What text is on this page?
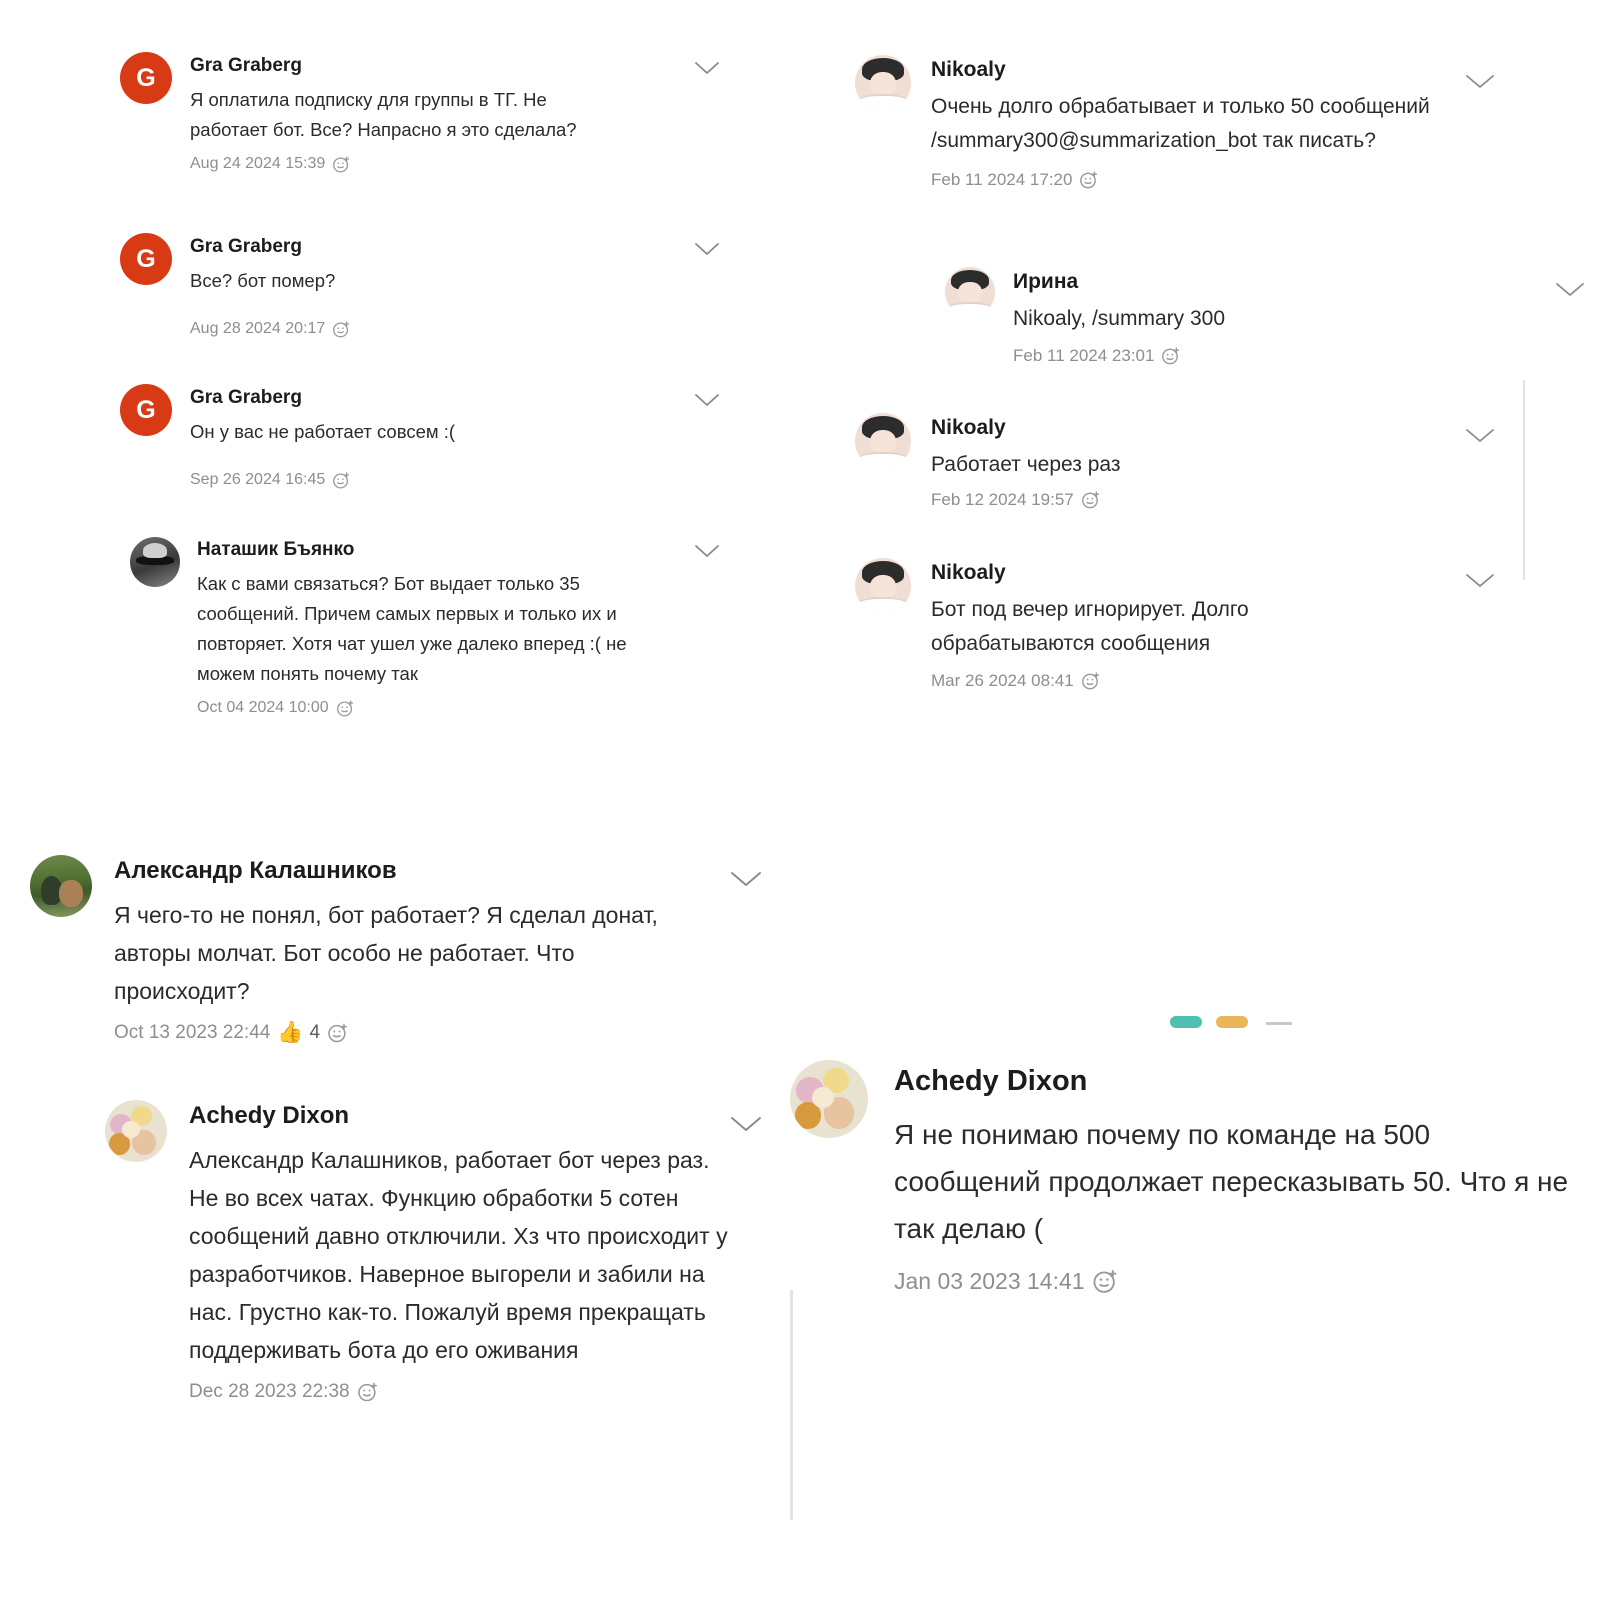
G	Gra Graberg
Я оплатила подписку для группы в ТГ. Не работает бот. Все? Напрасно я это сделала?
Aug 24 2024 15:39
G	Gra Graberg
Все? бот помер?
Aug 28 2024 20:17
G	Gra Graberg
Он у вас не работает совсем :(
Sep 26 2024 16:45
Наташик Бъянко
Как с вами связаться? Бот выдает только 35 сообщений. Причем самых первых и только их и повторяет. Хотя чат ушел уже далеко вперед :( не можем понять почему так
Oct 04 2024 10:00
Nikoaly
Очень долго обрабатывает и только 50 сообщений /summary300@summarization_bot так писать?
Feb 11 2024 17:20
Ирина
Nikoaly, /summary 300
Feb 11 2024 23:01
Nikoaly
Работает через раз
Feb 12 2024 19:57
Nikoaly
Бот под вечер игнорирует. Долго обрабатываются сообщения
Mar 26 2024 08:41
Александр Калашников
Я чего-то не понял, бот работает? Я сделал донат, авторы молчат. Бот особо не работает. Что происходит?
Oct 13 2023 22:44 👍 4
Achedy Dixon
Александр Калашников, работает бот через раз. Не во всех чатах. Функцию обработки 5 сотен сообщений давно отключили. Хз что происходит у разработчиков. Наверное выгорели и забили на нас. Грустно как-то. Пожалуй время прекращать поддерживать бота до его оживания
Dec 28 2023 22:38
Achedy Dixon
Я не понимаю почему по команде на 500 сообщений продолжает пересказывать 50. Что я не так делаю (
Jan 03 2023 14:41
